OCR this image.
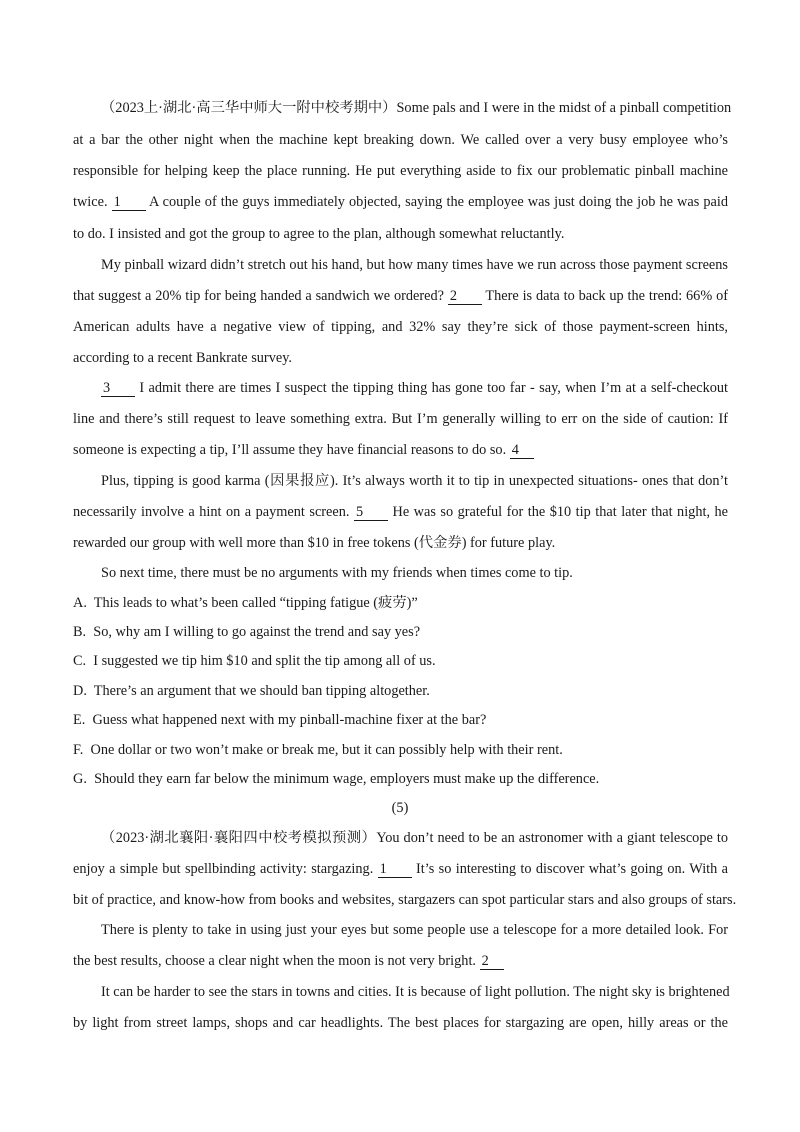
（2023上·湖北·高三华中师大一附中校考期中）Some pals and I were in the midst of a pinball competition
at a bar the other night when the machine kept breaking down. We called over a very busy employee who’s
responsible for helping keep the place running. He put everything aside to fix our problematic pinball machine
twice. 1 A couple of the guys immediately objected, saying the employee was just doing the job he was paid
to do. I insisted and got the group to agree to the plan, although somewhat reluctantly.
My pinball wizard didn’t stretch out his hand, but how many times have we run across those payment screens
that suggest a 20% tip for being handed a sandwich we ordered? 2 There is data to back up the trend: 66% of
American adults have a negative view of tipping, and 32% say they’re sick of those payment-screen hints,
according to a recent Bankrate survey.
3 I admit there are times I suspect the tipping thing has gone too far - say, when I’m at a self-checkout
line and there’s still request to leave something extra. But I’m generally willing to err on the side of caution: If
someone is expecting a tip, I’ll assume they have financial reasons to do so. 4
Plus, tipping is good karma (因果报应). It’s always worth it to tip in unexpected situations- ones that don’t
necessarily involve a hint on a payment screen. 5 He was so grateful for the $10 tip that later that night, he
rewarded our group with well more than $10 in free tokens (代金券) for future play.
So next time, there must be no arguments with my friends when times come to tip.
A. This leads to what’s been called “tipping fatigue (疲劳)”
B. So, why am I willing to go against the trend and say yes?
C. I suggested we tip him $10 and split the tip among all of us.
D. There’s an argument that we should ban tipping altogether.
E. Guess what happened next with my pinball-machine fixer at the bar?
F. One dollar or two won’t make or break me, but it can possibly help with their rent.
G. Should they earn far below the minimum wage, employers must make up the difference.
(5)
（2023·湖北襄阳·襄阳四中校考模拟预测）You don’t need to be an astronomer with a giant telescope to
enjoy a simple but spellbinding activity: stargazing. 1 It’s so interesting to discover what’s going on. With a
bit of practice, and know-how from books and websites, stargazers can spot particular stars and also groups of stars.
There is plenty to take in using just your eyes but some people use a telescope for a more detailed look. For
the best results, choose a clear night when the moon is not very bright. 2
It can be harder to see the stars in towns and cities. It is because of light pollution. The night sky is brightened
by light from street lamps, shops and car headlights. The best places for stargazing are open, hilly areas or the
